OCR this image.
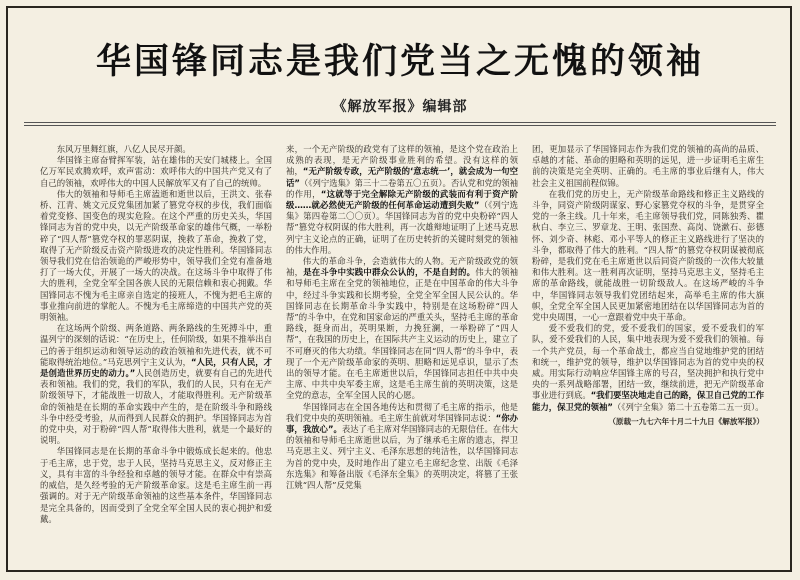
华国锋同志是我们党当之无愧的领袖
《解放军报》编辑部

东风万里舞红旗，八亿人民尽开颜。

华国锋主席奋臂挥军装，站在雄伟的天安门城楼上。全国亿万军民欢腾欢呼，欢声雷动：欢呼伟大的中国共产党又有了自己的领袖，欢呼伟大的中国人民解放军又有了自己的统帅。

伟大的领袖和导师毛主席溘逝和逝世以后，王洪文、张春桥、江青、姚文元反党集团加紧了篡党夺权的步伐，我们面临着党变修、国变色的现实危险。在这个严重的历史关头，华国锋同志为首的党中央，以无产阶级革命家的雄伟气概，一举粉碎了“四人帮”篡党夺权的罪恶阴谋，挽救了革命，挽救了党，取得了无产阶级反击资产阶级进攻的决定性胜利。华国锋同志领导我们党在信治领诡的严峻形势中，领导我们全党有准备地打了一场大仗，开展了一场大的决战。在这场斗争中取得了伟大的胜利，全党全军全国各族人民的无限信赖和衷心拥戴。华国锋同志不愧为毛主席亲自选定的接班人，不愧为把毛主席的事业推向前进的掌舵人。不愧为毛主席缔造的中国共产党的英明领袖。

在这场两个阶级、两条道路、两条路线的生死搏斗中，重温列宁的深刻的话说：“在历史上，任何阶级，如果不推举出自己的善于组织运动和领导运动的政治领袖和先进代表，就不可能取得统治地位。”马克思列宁主义认为，“人民，只有人民，才是创造世界历史的动力。”人民创造历史，就要有自己的先进代表和领袖。我们的党，我们的军队，我们的人民，只有在无产阶级领导下，才能战胜一切敌人，才能取得胜利。无产阶级革命的领袖是在长期的革命实践中产生的，是在阶级斗争和路线斗争中经受考验，从而得到人民群众的拥护。华国锋同志为首的党中央，对于粉碎“四人帮”取得伟大胜利，就是一个最好的说明。

华国锋同志是在长期的革命斗争中锻炼成长起来的。他忠于毛主席，忠于党，忠于人民，坚持马克思主义，反对修正主义，具有丰富的斗争经验和卓越的领导才能。在群众中有崇高的威信，是久经考验的无产阶级革命家。这是毛主席生前一再强调的。对于无产阶级革命领袖的这些基本条件，华国锋同志是完全具备的，因而受到了全党全军全国人民的衷心拥护和爱戴。

来，一个无产阶级的政党有了这样的领袖，是这个党在政治上成熟的表现，是无产阶级事业胜利的希望。没有这样的领袖，“无产阶级专政，无产阶级的‘意志统一’，就会成为一句空话”（《列宁选集》第三十二卷第五〇五页）。否认党和党的领袖的作用，“这就等于完全解除无产阶级的武装而有利于资产阶级……就必然使无产阶级的任何革命运动遭到失败”（《列宁选集》第四卷第二〇〇页）。华国锋同志为首的党中央粉碎“四人帮”篡党夺权阴谋的伟大胜利，再一次雄辩地证明了上述马克思列宁主义论点的正确，证明了在历史转折的关键时刻党的领袖的伟大作用。

伟大的革命斗争，会造就伟大的人物。无产阶级政党的领袖，是在斗争中实践中群众公认的，不是自封的。伟大的领袖和导师毛主席在全党的领袖地位，正是在中国革命的伟大斗争中，经过斗争实践和长期考验，全党全军全国人民公认的。华国锋同志在长期革命斗争实践中，特别是在这场粉碎“四人帮”的斗争中，在党和国家命运的严重关头，坚持毛主席的革命路线，挺身而出，英明果断，力挽狂澜，一举粉碎了“四人帮”，在我国的历史上，在国际共产主义运动的历史上，建立了不可磨灭的伟大功绩。华国锋同志在同“四人帮”的斗争中，表现了一个无产阶级革命家的英明、胆略和远见卓识，显示了杰出的领导才能。在毛主席逝世以后，华国锋同志担任中共中央主席、中共中央军委主席，这是毛主席生前的英明决策，这是全党的意志，全军全国人民的心愿。

华国锋同志在全国各地传达和贯彻了毛主席的指示，他是我们党中央的英明领袖。毛主席生前就对华国锋同志说：“你办事，我放心”。表达了毛主席对华国锋同志的无限信任。在伟大的领袖和导师毛主席逝世以后，为了继承毛主席的遗志，捍卫马克思主义、列宁主义、毛泽东思想的纯洁性，以华国锋同志为首的党中央，及时地作出了建立毛主席纪念堂、出版《毛泽东选集》和筹备出版《毛泽东全集》的英明决定，将篡了王张江姚“四人帮”反党集

团，更加显示了华国锋同志作为我们党的领袖的高尚的品质、卓越的才能、革命的胆略和英明的远见，进一步证明毛主席生前的决策是完全英明、正确的。毛主席的事业后继有人，伟大社会主义祖国前程似锦。

在我们党的历史上，无产阶级革命路线和修正主义路线的斗争，同资产阶级阴谋家、野心家篡党夺权的斗争，是贯穿全党的一条主线。几十年来，毛主席领导我们党，同陈独秀、瞿秋白、李立三、罗章龙、王明、张国焘、高岗、饶漱石、彭德怀、刘少奇、林彪、邓小平等人的修正主义路线进行了坚决的斗争，都取得了伟大的胜利。“四人帮”的篡党夺权阴谋被彻底粉碎，是我们党在毛主席逝世以后同资产阶级的一次伟大较量和伟大胜利。这一胜利再次证明，坚持马克思主义，坚持毛主席的革命路线，就能战胜一切阶级敌人。在这场严峻的斗争中，华国锋同志领导我们党团结起来，高举毛主席的伟大旗帜，全党全军全国人民更加紧密地团结在以华国锋同志为首的党中央周围，一心一意跟着党中央干革命。

爱不爱我们的党，爱不爱我们的国家，爱不爱我们的军队，爱不爱我们的人民，集中地表现为爱不爱我们的领袖。每一个共产党员，每一个革命战士，都应当自觉地维护党的团结和统一，维护党的领导，维护以华国锋同志为首的党中央的权威。用实际行动响应华国锋主席的号召，坚决拥护和执行党中央的一系列战略部署，团结一致，继续前进，把无产阶级革命事业进行到底。“我们要坚决地走自己的路，保卫自己党的工作能力，保卫党的领袖”（《列宁全集》第二十五卷第二五一页）。

（原载一九七六年十月二十九日《解放军报》）
